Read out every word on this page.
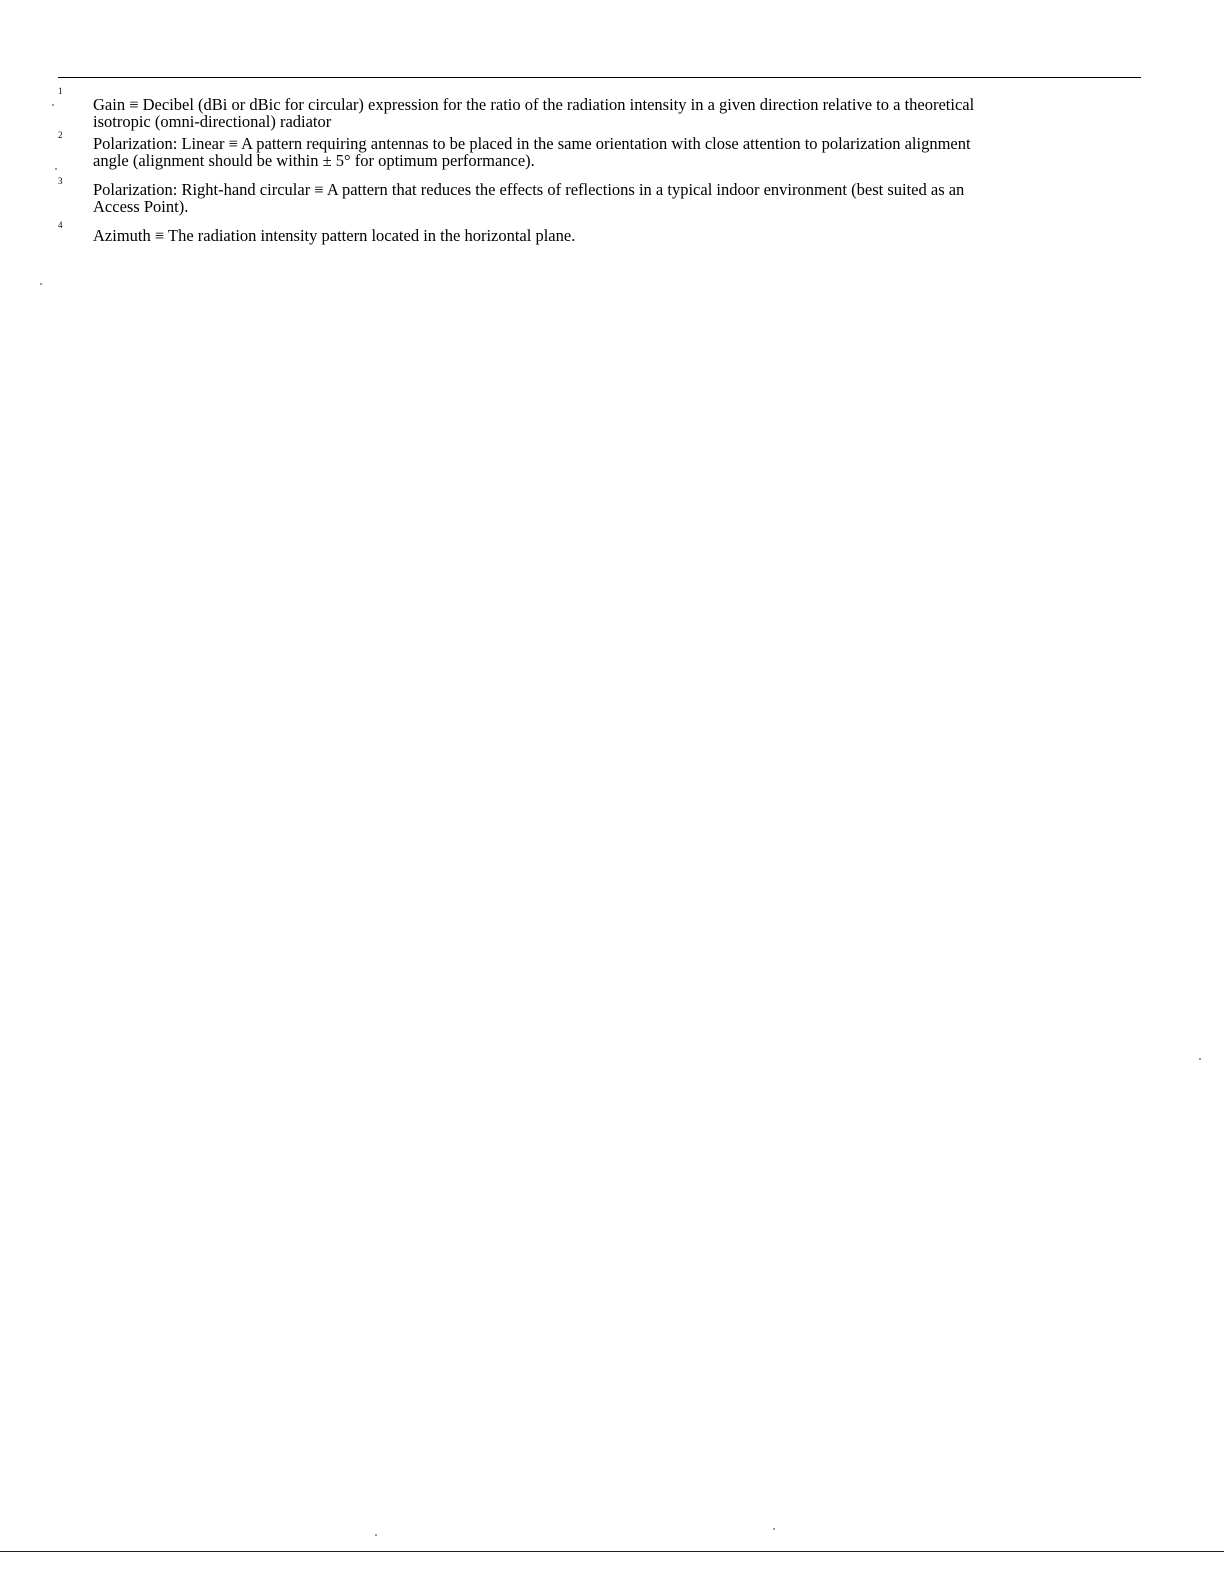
1
Gain ≡ Decibel (dBi or dBic for circular) expression for the ratio of the radiation intensity in a given direction relative to a theoretical
isotropic (omni-directional) radiator
2 Polarization: Linear ≡ A pattern requiring antennas to be placed in the same orientation with close attention to polarization alignment
angle (alignment should be within ± 5° for optimum performance).
3 Polarization: Right-hand circular ≡ A pattern that reduces the effects of reflections in a typical indoor environment (best suited as an
Access Point).
4
Azimuth ≡ The radiation intensity pattern located in the horizontal plane.
